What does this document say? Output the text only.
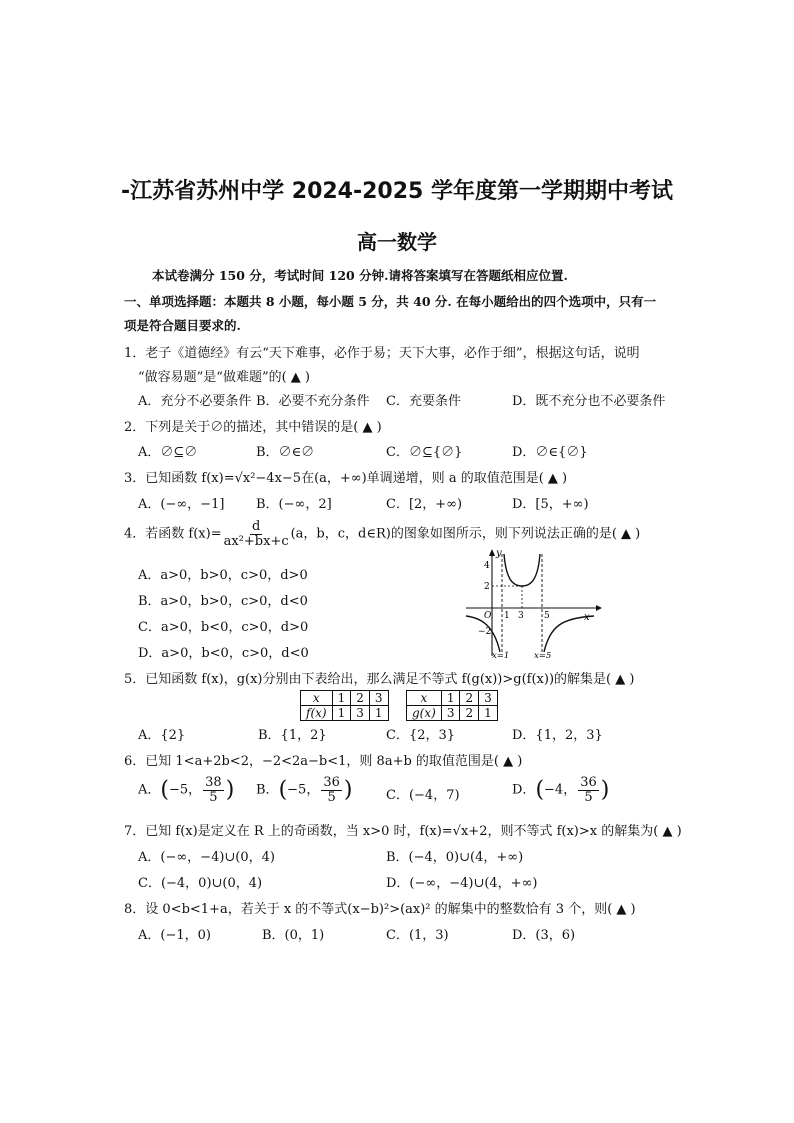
-江苏省苏州中学 2024-2025 学年度第一学期期中考试
高一数学
本试卷满分 150 分，考试时间 120 分钟.请将答案填写在答题纸相应位置.
一、单项选择题：本题共 8 小题，每小题 5 分，共 40 分. 在每小题给出的四个选项中，只有一
项是符合题目要求的.
1．老子《道德经》有云“天下难事，必作于易；天下大事，必作于细”，根据这句话，说明
“做容易题”是“做难题”的( ▲ )
A．充分不必要条件 B．必要不充分条件 C．充要条件	D．既不充分也不必要条件
2．下列是关于∅的描述，其中错误的是( ▲ )
A．∅⊆∅	B．∅∈∅	C．∅⊆{∅}	D．∅∈{∅}
3．已知函数 f(x)=√x²−4x−5在(a，+∞)单调递增，则 a 的取值范围是( ▲ )
A．(−∞，−1] B．(−∞，2]	C．[2，+∞)	D．[5，+∞)
4．若函数 $f(x)= \frac{d}{\text{ax²+bx+c}} (a$，b，c，d∈R)的图象如图所示，则下列说法正确的是( ▲ )
A．a>0，b>0，c>0，d>0
B．a>0，b>0，c>0，d<0
C．a>0，b<0，c>0，d>0
D．a>0，b<0，c>0，d<0
y
x
O
4
2
−2
1 3 5
x=1	x=5
5．已知函数 f(x)，g(x)分别由下表给出，那么满足不等式 f(g(x))>g(f(x))的解集是( ▲ )
x	1	2	3
f(x)	1	3	1
x	1	2	3
g(x)	3	2	1
A．{2}	B．{1，2}	C．{2，3}	D．{1，2，3}
6．已知 1<a+2b<2，−2<2a−b<1，则 8a+b 的取值范围是( ▲ )
A．(−5， $\frac{38}{5}$ ) B．(−5， $\frac{36}{5}$ )	C．(−4，7)	D．(−4， $\frac{36}{5}$ )
7．已知 f(x)是定义在 R 上的奇函数，当 x>0 时，f(x)=√x+2，则不等式 f(x)>x 的解集为( ▲ )
A．(−∞，−4)∪(0，4)	B．(−4，0)∪(4，+∞)
C．(−4，0)∪(0，4)	D．(−∞，−4)∪(4，+∞)
8．设 0<b<1+a，若关于 x 的不等式(x−b)²>(ax)² 的解集中的整数恰有 3 个，则( ▲ )
A．(−1，0)	B．(0，1)	C．(1，3)	D．(3，6)
